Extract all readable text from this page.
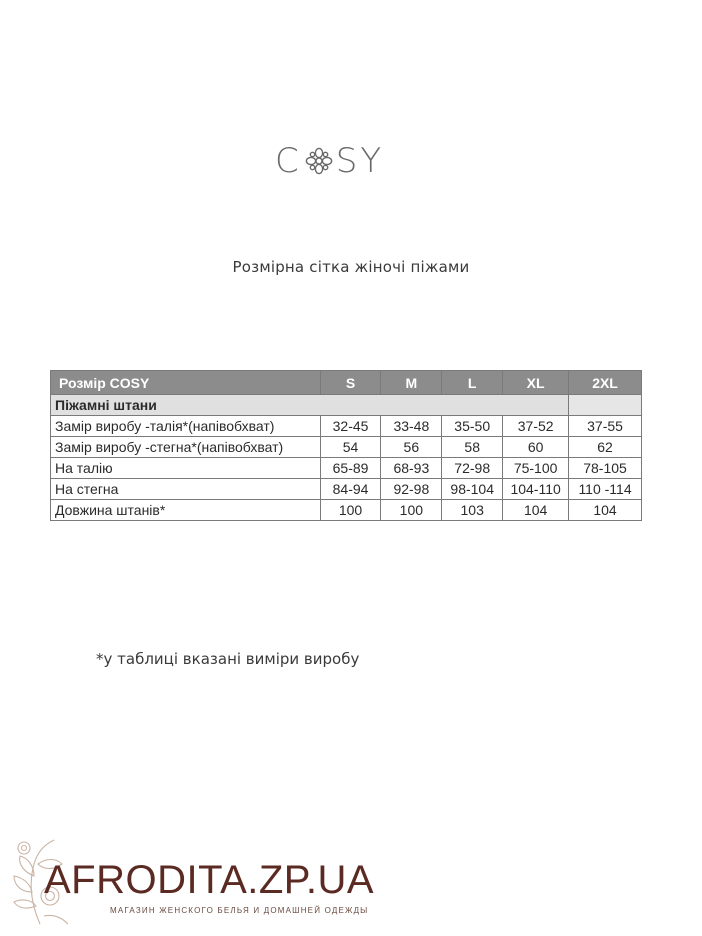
C SY
Розмірна сітка жіночі піжами
Розмір COSY	S	M	L	XL	2XL
Піжамні штани					
Замір виробу -талія*(напівобхват)	32-45	33-48	35-50	37-52	37-55
Замір виробу -стегна*(напівобхват)	54	56	58	60	62
На талію	65-89	68-93	72-98	75-100	78-105
На стегна	84-94	92-98	98-104	104-110	110 -114
Довжина штанів*	100	100	103	104	104
*у таблиці вказані виміри виробу
AFRODITA.ZP.UA
МАГАЗИН ЖЕНСКОГО БЕЛЬЯ И ДОМАШНЕЙ ОДЕЖДЫ
